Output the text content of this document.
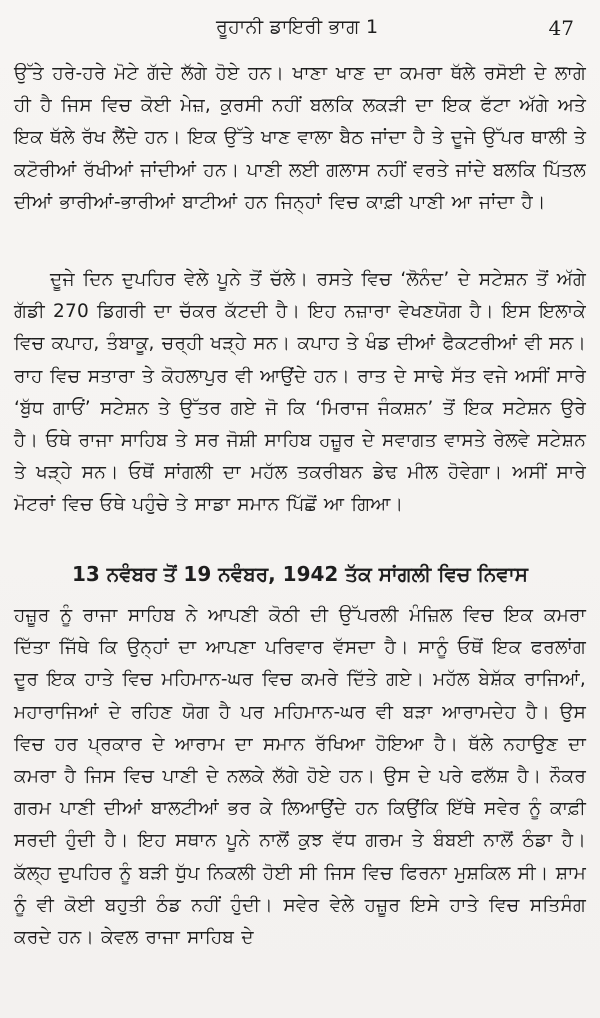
ਰੂਹਾਨੀ ਡਾਇਰੀ ਭਾਗ 1	47

ਉੱਤੇ ਹਰੇ-ਹਰੇ ਮੋਟੇ ਗੱਦੇ ਲੱਗੇ ਹੋਏ ਹਨ। ਖਾਣਾ ਖਾਣ ਦਾ ਕਮਰਾ ਥੱਲੇ ਰਸੋਈ ਦੇ ਲਾਗੇ ਹੀ ਹੈ ਜਿਸ ਵਿਚ ਕੋਈ ਮੇਜ਼, ਕੁਰਸੀ ਨਹੀਂ ਬਲਕਿ ਲਕੜੀ ਦਾ ਇਕ ਫੱਟਾ ਅੱਗੇ ਅਤੇ ਇਕ ਥੱਲੇ ਰੱਖ ਲੈਂਦੇ ਹਨ। ਇਕ ਉੱਤੇ ਖਾਣ ਵਾਲਾ ਬੈਠ ਜਾਂਦਾ ਹੈ ਤੇ ਦੂਜੇ ਉੱਪਰ ਥਾਲੀ ਤੇ ਕਟੋਰੀਆਂ ਰੱਖੀਆਂ ਜਾਂਦੀਆਂ ਹਨ। ਪਾਣੀ ਲਈ ਗਲਾਸ ਨਹੀਂ ਵਰਤੇ ਜਾਂਦੇ ਬਲਕਿ ਪਿੱਤਲ ਦੀਆਂ ਭਾਰੀਆਂ-ਭਾਰੀਆਂ ਬਾਟੀਆਂ ਹਨ ਜਿਨ੍ਹਾਂ ਵਿਚ ਕਾਫ਼ੀ ਪਾਣੀ ਆ ਜਾਂਦਾ ਹੈ।

ਦੂਜੇ ਦਿਨ ਦੁਪਹਿਰ ਵੇਲੇ ਪੂਨੇ ਤੋਂ ਚੱਲੇ। ਰਸਤੇ ਵਿਚ ‘ਲੋਨੰਦ’ ਦੇ ਸਟੇਸ਼ਨ ਤੋਂ ਅੱਗੇ ਗੱਡੀ 270 ਡਿਗਰੀ ਦਾ ਚੱਕਰ ਕੱਟਦੀ ਹੈ। ਇਹ ਨਜ਼ਾਰਾ ਵੇਖਣਯੋਗ ਹੈ। ਇਸ ਇਲਾਕੇ ਵਿਚ ਕਪਾਹ, ਤੰਬਾਕੂ, ਚਰ੍ਹੀ ਖੜ੍ਹੇ ਸਨ। ਕਪਾਹ ਤੇ ਖੰਡ ਦੀਆਂ ਫੈਕਟਰੀਆਂ ਵੀ ਸਨ। ਰਾਹ ਵਿਚ ਸਤਾਰਾ ਤੇ ਕੋਹਲਾਪੁਰ ਵੀ ਆਉਂਦੇ ਹਨ। ਰਾਤ ਦੇ ਸਾਢੇ ਸੱਤ ਵਜੇ ਅਸੀਂ ਸਾਰੇ ‘ਬੁੱਧ ਗਾਓਂ’ ਸਟੇਸ਼ਨ ਤੇ ਉੱਤਰ ਗਏ ਜੋ ਕਿ ‘ਮਿਰਾਜ ਜੰਕਸ਼ਨ’ ਤੋਂ ਇਕ ਸਟੇਸ਼ਨ ਉਰੇ ਹੈ। ਓਥੇ ਰਾਜਾ ਸਾਹਿਬ ਤੇ ਸਰ ਜੋਸ਼ੀ ਸਾਹਿਬ ਹਜ਼ੂਰ ਦੇ ਸਵਾਗਤ ਵਾਸਤੇ ਰੇਲਵੇ ਸਟੇਸ਼ਨ ਤੇ ਖੜ੍ਹੇ ਸਨ। ਓਥੋਂ ਸਾਂਗਲੀ ਦਾ ਮਹੱਲ ਤਕਰੀਬਨ ਡੇਢ ਮੀਲ ਹੋਵੇਗਾ। ਅਸੀਂ ਸਾਰੇ ਮੋਟਰਾਂ ਵਿਚ ਓਥੇ ਪਹੁੰਚੇ ਤੇ ਸਾਡਾ ਸਮਾਨ ਪਿੱਛੋਂ ਆ ਗਿਆ।

13 ਨਵੰਬਰ ਤੋਂ 19 ਨਵੰਬਰ, 1942 ਤੱਕ ਸਾਂਗਲੀ ਵਿਚ ਨਿਵਾਸ

ਹਜ਼ੂਰ ਨੂੰ ਰਾਜਾ ਸਾਹਿਬ ਨੇ ਆਪਣੀ ਕੋਠੀ ਦੀ ਉੱਪਰਲੀ ਮੰਜ਼ਿਲ ਵਿਚ ਇਕ ਕਮਰਾ ਦਿੱਤਾ ਜਿੱਥੇ ਕਿ ਉਨ੍ਹਾਂ ਦਾ ਆਪਣਾ ਪਰਿਵਾਰ ਵੱਸਦਾ ਹੈ। ਸਾਨੂੰ ਓਥੋਂ ਇਕ ਫਰਲਾਂਗ ਦੂਰ ਇਕ ਹਾਤੇ ਵਿਚ ਮਹਿਮਾਨ-ਘਰ ਵਿਚ ਕਮਰੇ ਦਿੱਤੇ ਗਏ। ਮਹੱਲ ਬੇਸ਼ੱਕ ਰਾਜਿਆਂ, ਮਹਾਰਾਜਿਆਂ ਦੇ ਰਹਿਣ ਯੋਗ ਹੈ ਪਰ ਮਹਿਮਾਨ-ਘਰ ਵੀ ਬੜਾ ਆਰਾਮਦੇਹ ਹੈ। ਉਸ ਵਿਚ ਹਰ ਪ੍ਰਕਾਰ ਦੇ ਆਰਾਮ ਦਾ ਸਮਾਨ ਰੱਖਿਆ ਹੋਇਆ ਹੈ। ਥੱਲੇ ਨਹਾਉਣ ਦਾ ਕਮਰਾ ਹੈ ਜਿਸ ਵਿਚ ਪਾਣੀ ਦੇ ਨਲਕੇ ਲੱਗੇ ਹੋਏ ਹਨ। ਉਸ ਦੇ ਪਰੇ ਫਲੱਸ਼ ਹੈ। ਨੌਕਰ ਗਰਮ ਪਾਣੀ ਦੀਆਂ ਬਾਲਟੀਆਂ ਭਰ ਕੇ ਲਿਆਉਂਦੇ ਹਨ ਕਿਉਂਕਿ ਇੱਥੇ ਸਵੇਰ ਨੂੰ ਕਾਫ਼ੀ ਸਰਦੀ ਹੁੰਦੀ ਹੈ। ਇਹ ਸਥਾਨ ਪੂਨੇ ਨਾਲੋਂ ਕੁਝ ਵੱਧ ਗਰਮ ਤੇ ਬੰਬਈ ਨਾਲੋਂ ਠੰਡਾ ਹੈ। ਕੱਲ੍ਹ ਦੁਪਹਿਰ ਨੂੰ ਬੜੀ ਧੁੱਪ ਨਿਕਲੀ ਹੋਈ ਸੀ ਜਿਸ ਵਿਚ ਫਿਰਨਾ ਮੁਸ਼ਕਿਲ ਸੀ। ਸ਼ਾਮ ਨੂੰ ਵੀ ਕੋਈ ਬਹੁਤੀ ਠੰਡ ਨਹੀਂ ਹੁੰਦੀ। ਸਵੇਰ ਵੇਲੇ ਹਜ਼ੂਰ ਇਸੇ ਹਾਤੇ ਵਿਚ ਸਤਿਸੰਗ ਕਰਦੇ ਹਨ। ਕੇਵਲ ਰਾਜਾ ਸਾਹਿਬ ਦੇ
